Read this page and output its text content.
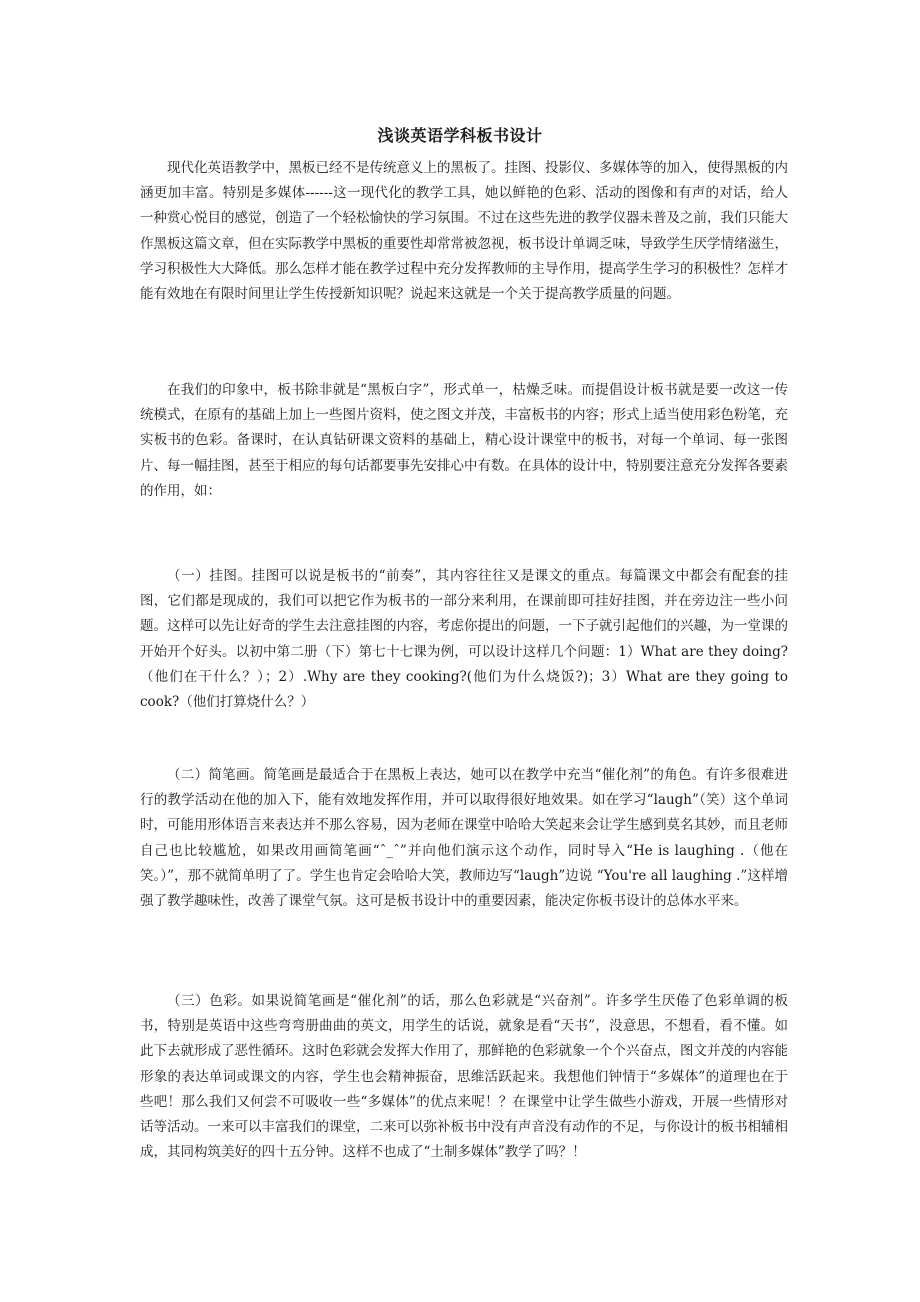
浅谈英语学科板书设计

现代化英语教学中，黑板已经不是传统意义上的黑板了。挂图、投影仪、多媒体等的加入，使得黑板的内涵更加丰富。特别是多媒体------这一现代化的教学工具，她以鲜艳的色彩、活动的图像和有声的对话，给人一种赏心悦目的感觉，创造了一个轻松愉快的学习氛围。不过在这些先进的教学仪器未普及之前，我们只能大作黑板这篇文章，但在实际教学中黑板的重要性却常常被忽视，板书设计单调乏味，导致学生厌学情绪滋生，学习积极性大大降低。那么怎样才能在教学过程中充分发挥教师的主导作用，提高学生学习的积极性？怎样才能有效地在有限时间里让学生传授新知识呢？说起来这就是一个关于提高教学质量的问题。

在我们的印象中，板书除非就是“黑板白字”，形式单一，枯燥乏味。而提倡设计板书就是要一改这一传统模式，在原有的基础上加上一些图片资料，使之图文并茂，丰富板书的内容；形式上适当使用彩色粉笔，充实板书的色彩。备课时，在认真钻研课文资料的基础上，精心设计课堂中的板书，对每一个单词、每一张图片、每一幅挂图，甚至于相应的每句话都要事先安排心中有数。在具体的设计中，特别要注意充分发挥各要素的作用，如：

（一）挂图。挂图可以说是板书的“前奏”，其内容往往又是课文的重点。每篇课文中都会有配套的挂图，它们都是现成的，我们可以把它作为板书的一部分来利用，在课前即可挂好挂图，并在旁边注一些小问题。这样可以先让好奇的学生去注意挂图的内容，考虑你提出的问题，一下子就引起他们的兴趣，为一堂课的开始开个好头。以初中第二册（下）第七十七课为例，可以设计这样几个问题：1）What are they doing?（他们在干什么？）；2）.Why are they cooking?(他们为什么烧饭?)；3）What are they going to cook?（他们打算烧什么？）

（二）简笔画。简笔画是最适合于在黑板上表达，她可以在教学中充当“催化剂”的角色。有许多很难进行的教学活动在他的加入下，能有效地发挥作用，并可以取得很好地效果。如在学习“laugh”（笑）这个单词时，可能用形体语言来表达并不那么容易，因为老师在课堂中哈哈大笑起来会让学生感到莫名其妙，而且老师自己也比较尴尬，如果改用画简笔画“ˆ_ˆ”并向他们演示这个动作，同时导入“He is laughing .（他在笑。）”，那不就简单明了了。学生也肯定会哈哈大笑，教师边写“laugh”边说 “You're all laughing .”这样增强了教学趣味性，改善了课堂气氛。这可是板书设计中的重要因素，能决定你板书设计的总体水平来。

（三）色彩。如果说简笔画是“催化剂”的话，那么色彩就是“兴奋剂”。许多学生厌倦了色彩单调的板书，特别是英语中这些弯弯册曲曲的英文，用学生的话说，就象是看“天书”，没意思，不想看，看不懂。如此下去就形成了恶性循环。这时色彩就会发挥大作用了，那鲜艳的色彩就象一个个兴奋点，图文并茂的内容能形象的表达单词或课文的内容，学生也会精神振奋，思维活跃起来。我想他们钟情于“多媒体”的道理也在于些吧！那么我们又何尝不可吸收一些“多媒体”的优点来呢！？在课堂中让学生做些小游戏，开展一些情形对话等活动。一来可以丰富我们的课堂，二来可以弥补板书中没有声音没有动作的不足，与你设计的板书相辅相成，其同构筑美好的四十五分钟。这样不也成了“土制多媒体”教学了吗？！
